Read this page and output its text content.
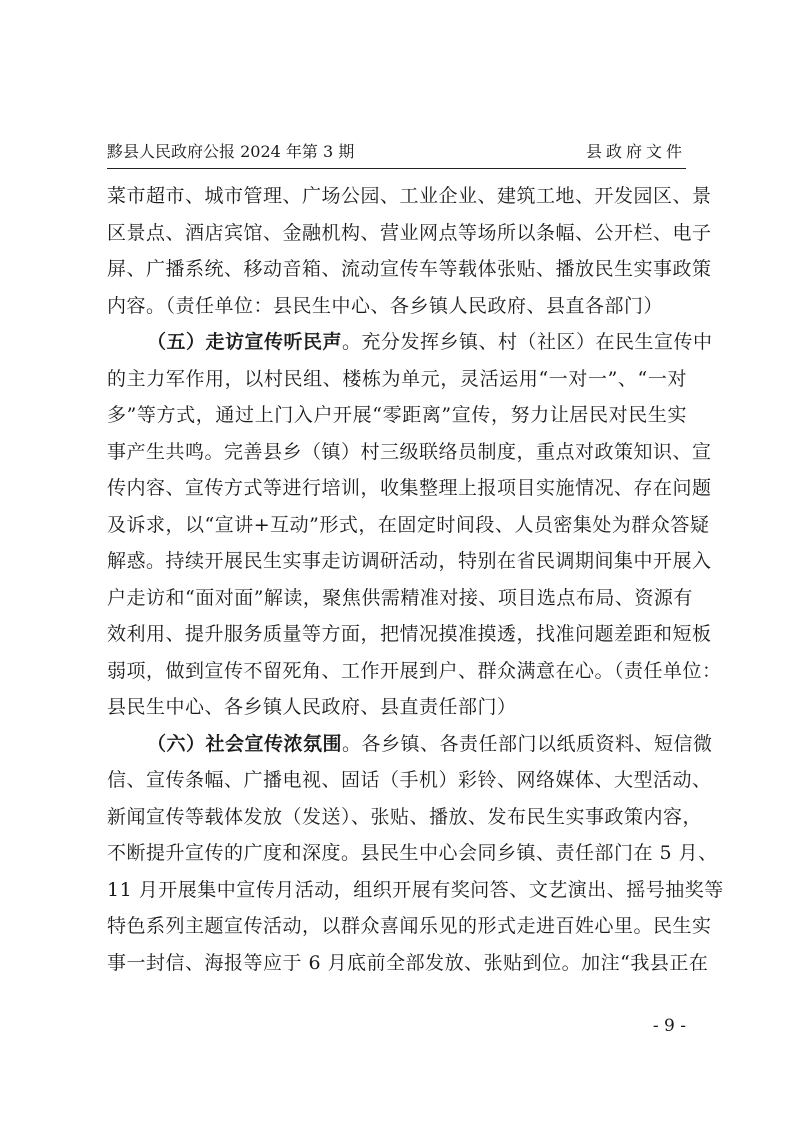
黟县人民政府公报 2024 年第 3 期	县政府文件
菜市超市、城市管理、广场公园、工业企业、建筑工地、开发园区、景
区景点、酒店宾馆、金融机构、营业网点等场所以条幅、公开栏、电子
屏、广播系统、移动音箱、流动宣传车等载体张贴、播放民生实事政策
内容。（责任单位：县民生中心、各乡镇人民政府、县直各部门）
（五）走访宣传听民声。充分发挥乡镇、村（社区）在民生宣传中
的主力军作用，以村民组、楼栋为单元，灵活运用“一对一”、“一对
多”等方式，通过上门入户开展“零距离”宣传，努力让居民对民生实
事产生共鸣。完善县乡（镇）村三级联络员制度，重点对政策知识、宣
传内容、宣传方式等进行培训，收集整理上报项目实施情况、存在问题
及诉求，以“宣讲+互动”形式，在固定时间段、人员密集处为群众答疑
解惑。持续开展民生实事走访调研活动，特别在省民调期间集中开展入
户走访和“面对面”解读，聚焦供需精准对接、项目选点布局、资源有
效利用、提升服务质量等方面，把情况摸准摸透，找准问题差距和短板
弱项，做到宣传不留死角、工作开展到户、群众满意在心。（责任单位：
县民生中心、各乡镇人民政府、县直责任部门）
（六）社会宣传浓氛围。各乡镇、各责任部门以纸质资料、短信微
信、宣传条幅、广播电视、固话（手机）彩铃、网络媒体、大型活动、
新闻宣传等载体发放（发送）、张贴、播放、发布民生实事政策内容，
不断提升宣传的广度和深度。县民生中心会同乡镇、责任部门在 5 月、
11 月开展集中宣传月活动，组织开展有奖问答、文艺演出、摇号抽奖等
特色系列主题宣传活动，以群众喜闻乐见的形式走进百姓心里。民生实
事一封信、海报等应于 6 月底前全部发放、张贴到位。加注“我县正在
- 9 -
